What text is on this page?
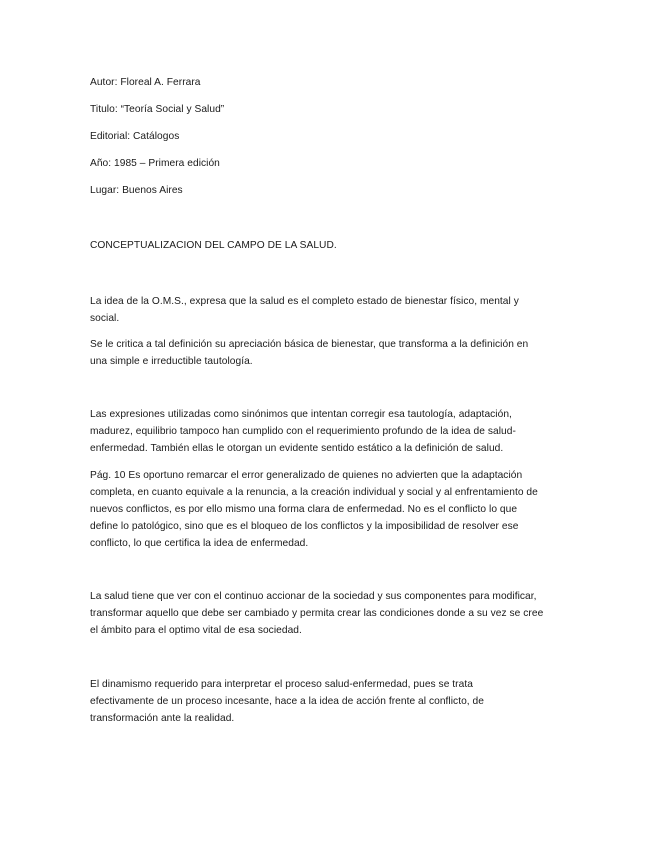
Autor: Floreal A. Ferrara
Titulo: “Teoría Social y Salud”
Editorial: Catálogos
Año: 1985 – Primera edición
Lugar: Buenos Aires
CONCEPTUALIZACION DEL CAMPO DE LA SALUD.
La idea de la O.M.S., expresa que la salud es el completo estado de bienestar físico, mental y
social.
Se le critica a tal definición su apreciación básica de bienestar, que transforma a la definición en
una simple e irreductible tautología.
Las expresiones utilizadas como sinónimos que intentan corregir esa tautología, adaptación,
madurez, equilibrio tampoco han cumplido con el requerimiento profundo de la idea de salud-
enfermedad. También ellas le otorgan un evidente sentido estático a la definición de salud.
Pág. 10 Es oportuno remarcar el error generalizado de quienes no advierten que la adaptación
completa, en cuanto equivale a la renuncia, a la creación individual y social y al enfrentamiento de
nuevos conflictos, es por ello mismo una forma clara de enfermedad. No es el conflicto lo que
define lo patológico, sino que es el bloqueo de los conflictos y la imposibilidad de resolver ese
conflicto, lo que certifica la idea de enfermedad.
La salud tiene que ver con el continuo accionar de la sociedad y sus componentes para modificar,
transformar aquello que debe ser cambiado y permita crear las condiciones donde a su vez se cree
el ámbito para el optimo vital de esa sociedad.
El dinamismo requerido para interpretar el proceso salud-enfermedad, pues se trata
efectivamente de un proceso incesante, hace a la idea de acción frente al conflicto, de
transformación ante la realidad.
